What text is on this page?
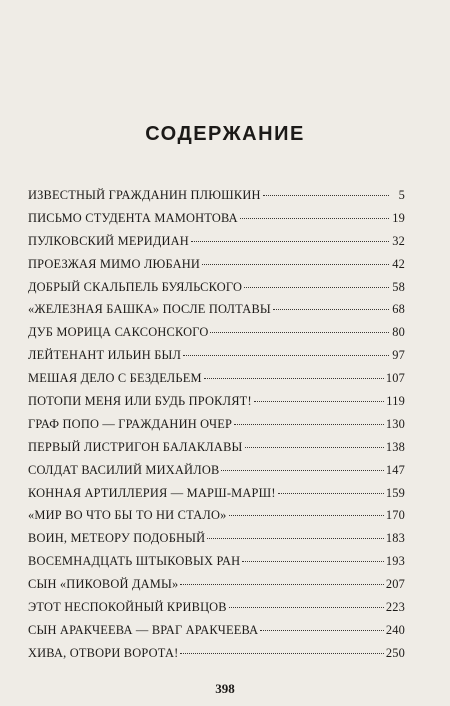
СОДЕРЖАНИЕ
ИЗВЕСТНЫЙ ГРАЖДАНИН ПЛЮШКИН	5
ПИСЬМО СТУДЕНТА МАМОНТОВА	19
ПУЛКОВСКИЙ МЕРИДИАН	32
ПРОЕЗЖАЯ МИМО ЛЮБАНИ	42
ДОБРЫЙ СКАЛЬПЕЛЬ БУЯЛЬСКОГО	58
«ЖЕЛЕЗНАЯ БАШКА» ПОСЛЕ ПОЛТАВЫ	68
ДУБ МОРИЦА САКСОНСКОГО	80
ЛЕЙТЕНАНТ ИЛЬИН БЫЛ	97
МЕШАЯ ДЕЛО С БЕЗДЕЛЬЕМ	107
ПОТОПИ МЕНЯ ИЛИ БУДЬ ПРОКЛЯТ!	119
ГРАФ ПОПО — ГРАЖДАНИН ОЧЕР	130
ПЕРВЫЙ ЛИСТРИГОН БАЛАКЛАВЫ	138
СОЛДАТ ВАСИЛИЙ МИХАЙЛОВ	147
КОННАЯ АРТИЛЛЕРИЯ — МАРШ-МАРШ!	159
«МИР ВО ЧТО БЫ ТО НИ СТАЛО»	170
ВОИН, МЕТЕОРУ ПОДОБНЫЙ	183
ВОСЕМНАДЦАТЬ ШТЫКОВЫХ РАН	193
СЫН «ПИКОВОЙ ДАМЫ»	207
ЭТОТ НЕСПОКОЙНЫЙ КРИВЦОВ	223
СЫН АРАКЧЕЕВА — ВРАГ АРАКЧЕЕВА	240
ХИВА, ОТВОРИ ВОРОТА!	250
398
